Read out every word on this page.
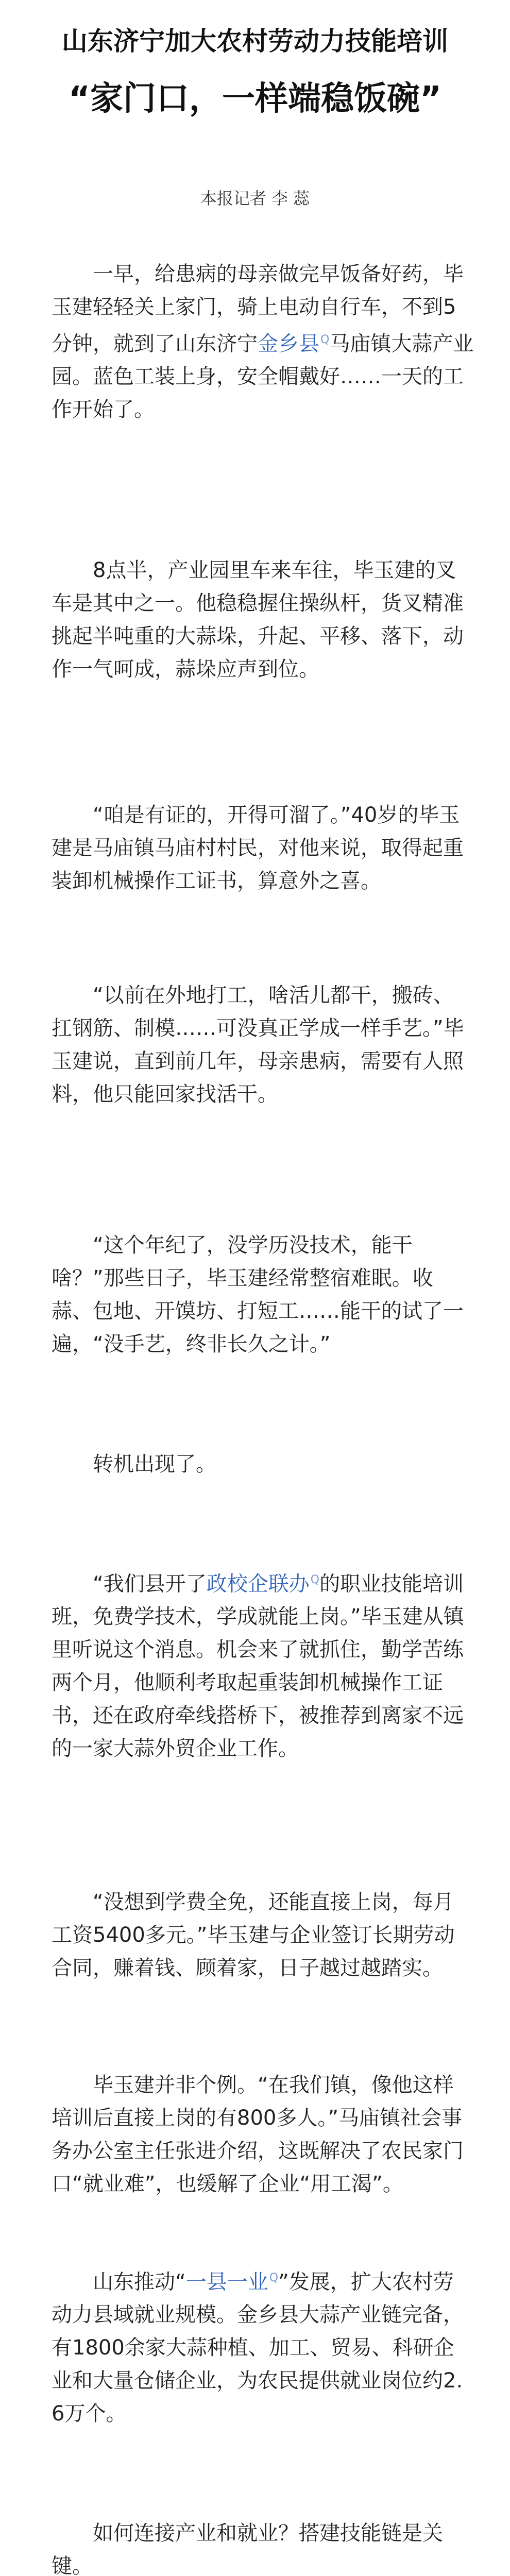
山东济宁加大农村劳动力技能培训
“家门口，一样端稳饭碗”
本报记者 李 蕊
一早，给患病的母亲做完早饭备好药，毕玉建轻轻关上家门，骑上电动自行车，不到5分钟，就到了山东济宁金乡县$^Q$马庙镇大蒜产业园。蓝色工装上身，安全帽戴好……一天的工作开始了。
8点半，产业园里车来车往，毕玉建的叉车是其中之一。他稳稳握住操纵杆，货叉精准挑起半吨重的大蒜垛，升起、平移、落下，动作一气呵成，蒜垛应声到位。
“咱是有证的，开得可溜了。”40岁的毕玉建是马庙镇马庙村村民，对他来说，取得起重装卸机械操作工证书，算意外之喜。
“以前在外地打工，啥活儿都干，搬砖、扛钢筋、制模……可没真正学成一样手艺。”毕玉建说，直到前几年，母亲患病，需要有人照料，他只能回家找活干。
“这个年纪了，没学历没技术，能干啥？”那些日子，毕玉建经常整宿难眠。收蒜、包地、开馍坊、打短工……能干的试了一遍，“没手艺，终非长久之计。”
转机出现了。
“我们县开了政校企联办$^Q$的职业技能培训班，免费学技术，学成就能上岗。”毕玉建从镇里听说这个消息。机会来了就抓住，勤学苦练两个月，他顺利考取起重装卸机械操作工证书，还在政府牵线搭桥下，被推荐到离家不远的一家大蒜外贸企业工作。
“没想到学费全免，还能直接上岗，每月工资5400多元。”毕玉建与企业签订长期劳动合同，赚着钱、顾着家，日子越过越踏实。
毕玉建并非个例。“在我们镇，像他这样培训后直接上岗的有800多人。”马庙镇社会事务办公室主任张进介绍，这既解决了农民家门口“就业难”，也缓解了企业“用工渴”。
山东推动“一县一业$^Q$”发展，扩大农村劳动力县域就业规模。金乡县大蒜产业链完备，有1800余家大蒜种植、加工、贸易、科研企业和大量仓储企业，为农民提供就业岗位约2.6万个。
如何连接产业和就业？搭建技能链是关键。
